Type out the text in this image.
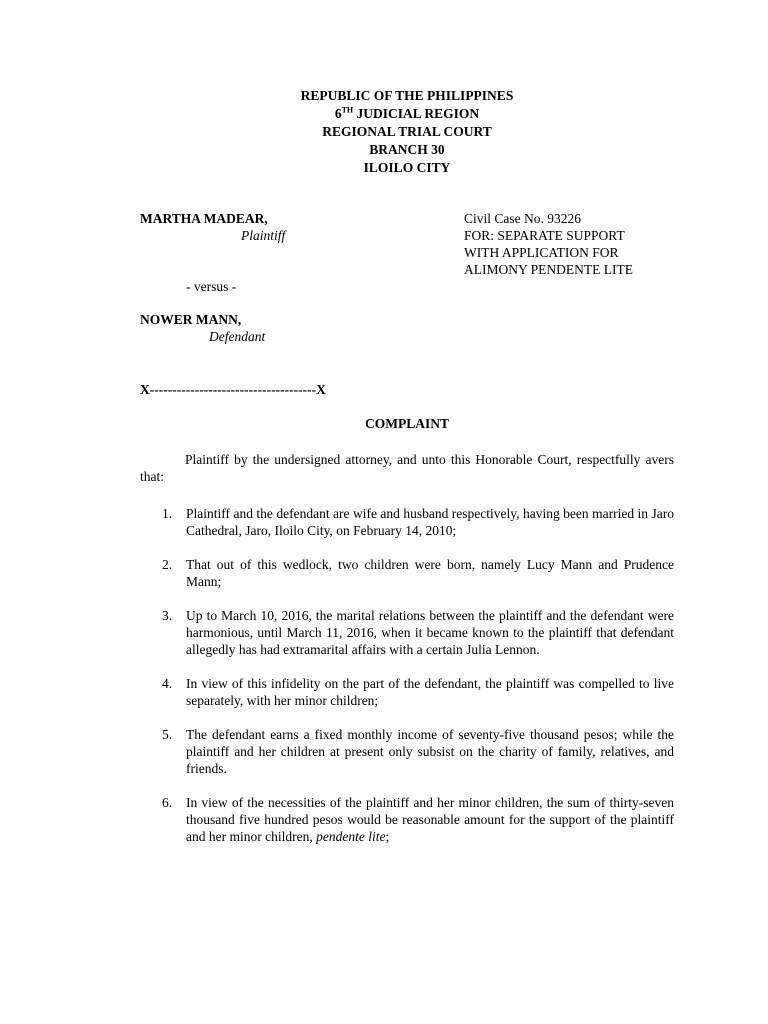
REPUBLIC OF THE PHILIPPINES
6TH JUDICIAL REGION
REGIONAL TRIAL COURT
BRANCH 30
ILOILO CITY
MARTHA MADEAR,
Plaintiff
Civil Case No. 93226
FOR: SEPARATE SUPPORT
WITH APPLICATION FOR
ALIMONY PENDENTE LITE
- versus -
NOWER MANN,
Defendant
X-------------------------------------X
COMPLAINT
Plaintiff by the undersigned attorney, and unto this Honorable Court, respectfully avers that:
1. Plaintiff and the defendant are wife and husband respectively, having been married in Jaro Cathedral, Jaro, Iloilo City, on February 14, 2010;
2. That out of this wedlock, two children were born, namely Lucy Mann and Prudence Mann;
3. Up to March 10, 2016, the marital relations between the plaintiff and the defendant were harmonious, until March 11, 2016, when it became known to the plaintiff that defendant allegedly has had extramarital affairs with a certain Julia Lennon.
4. In view of this infidelity on the part of the defendant, the plaintiff was compelled to live separately, with her minor children;
5. The defendant earns a fixed monthly income of seventy-five thousand pesos; while the plaintiff and her children at present only subsist on the charity of family, relatives, and friends.
6. In view of the necessities of the plaintiff and her minor children, the sum of thirty-seven thousand five hundred pesos would be reasonable amount for the support of the plaintiff and her minor children, pendente lite;
